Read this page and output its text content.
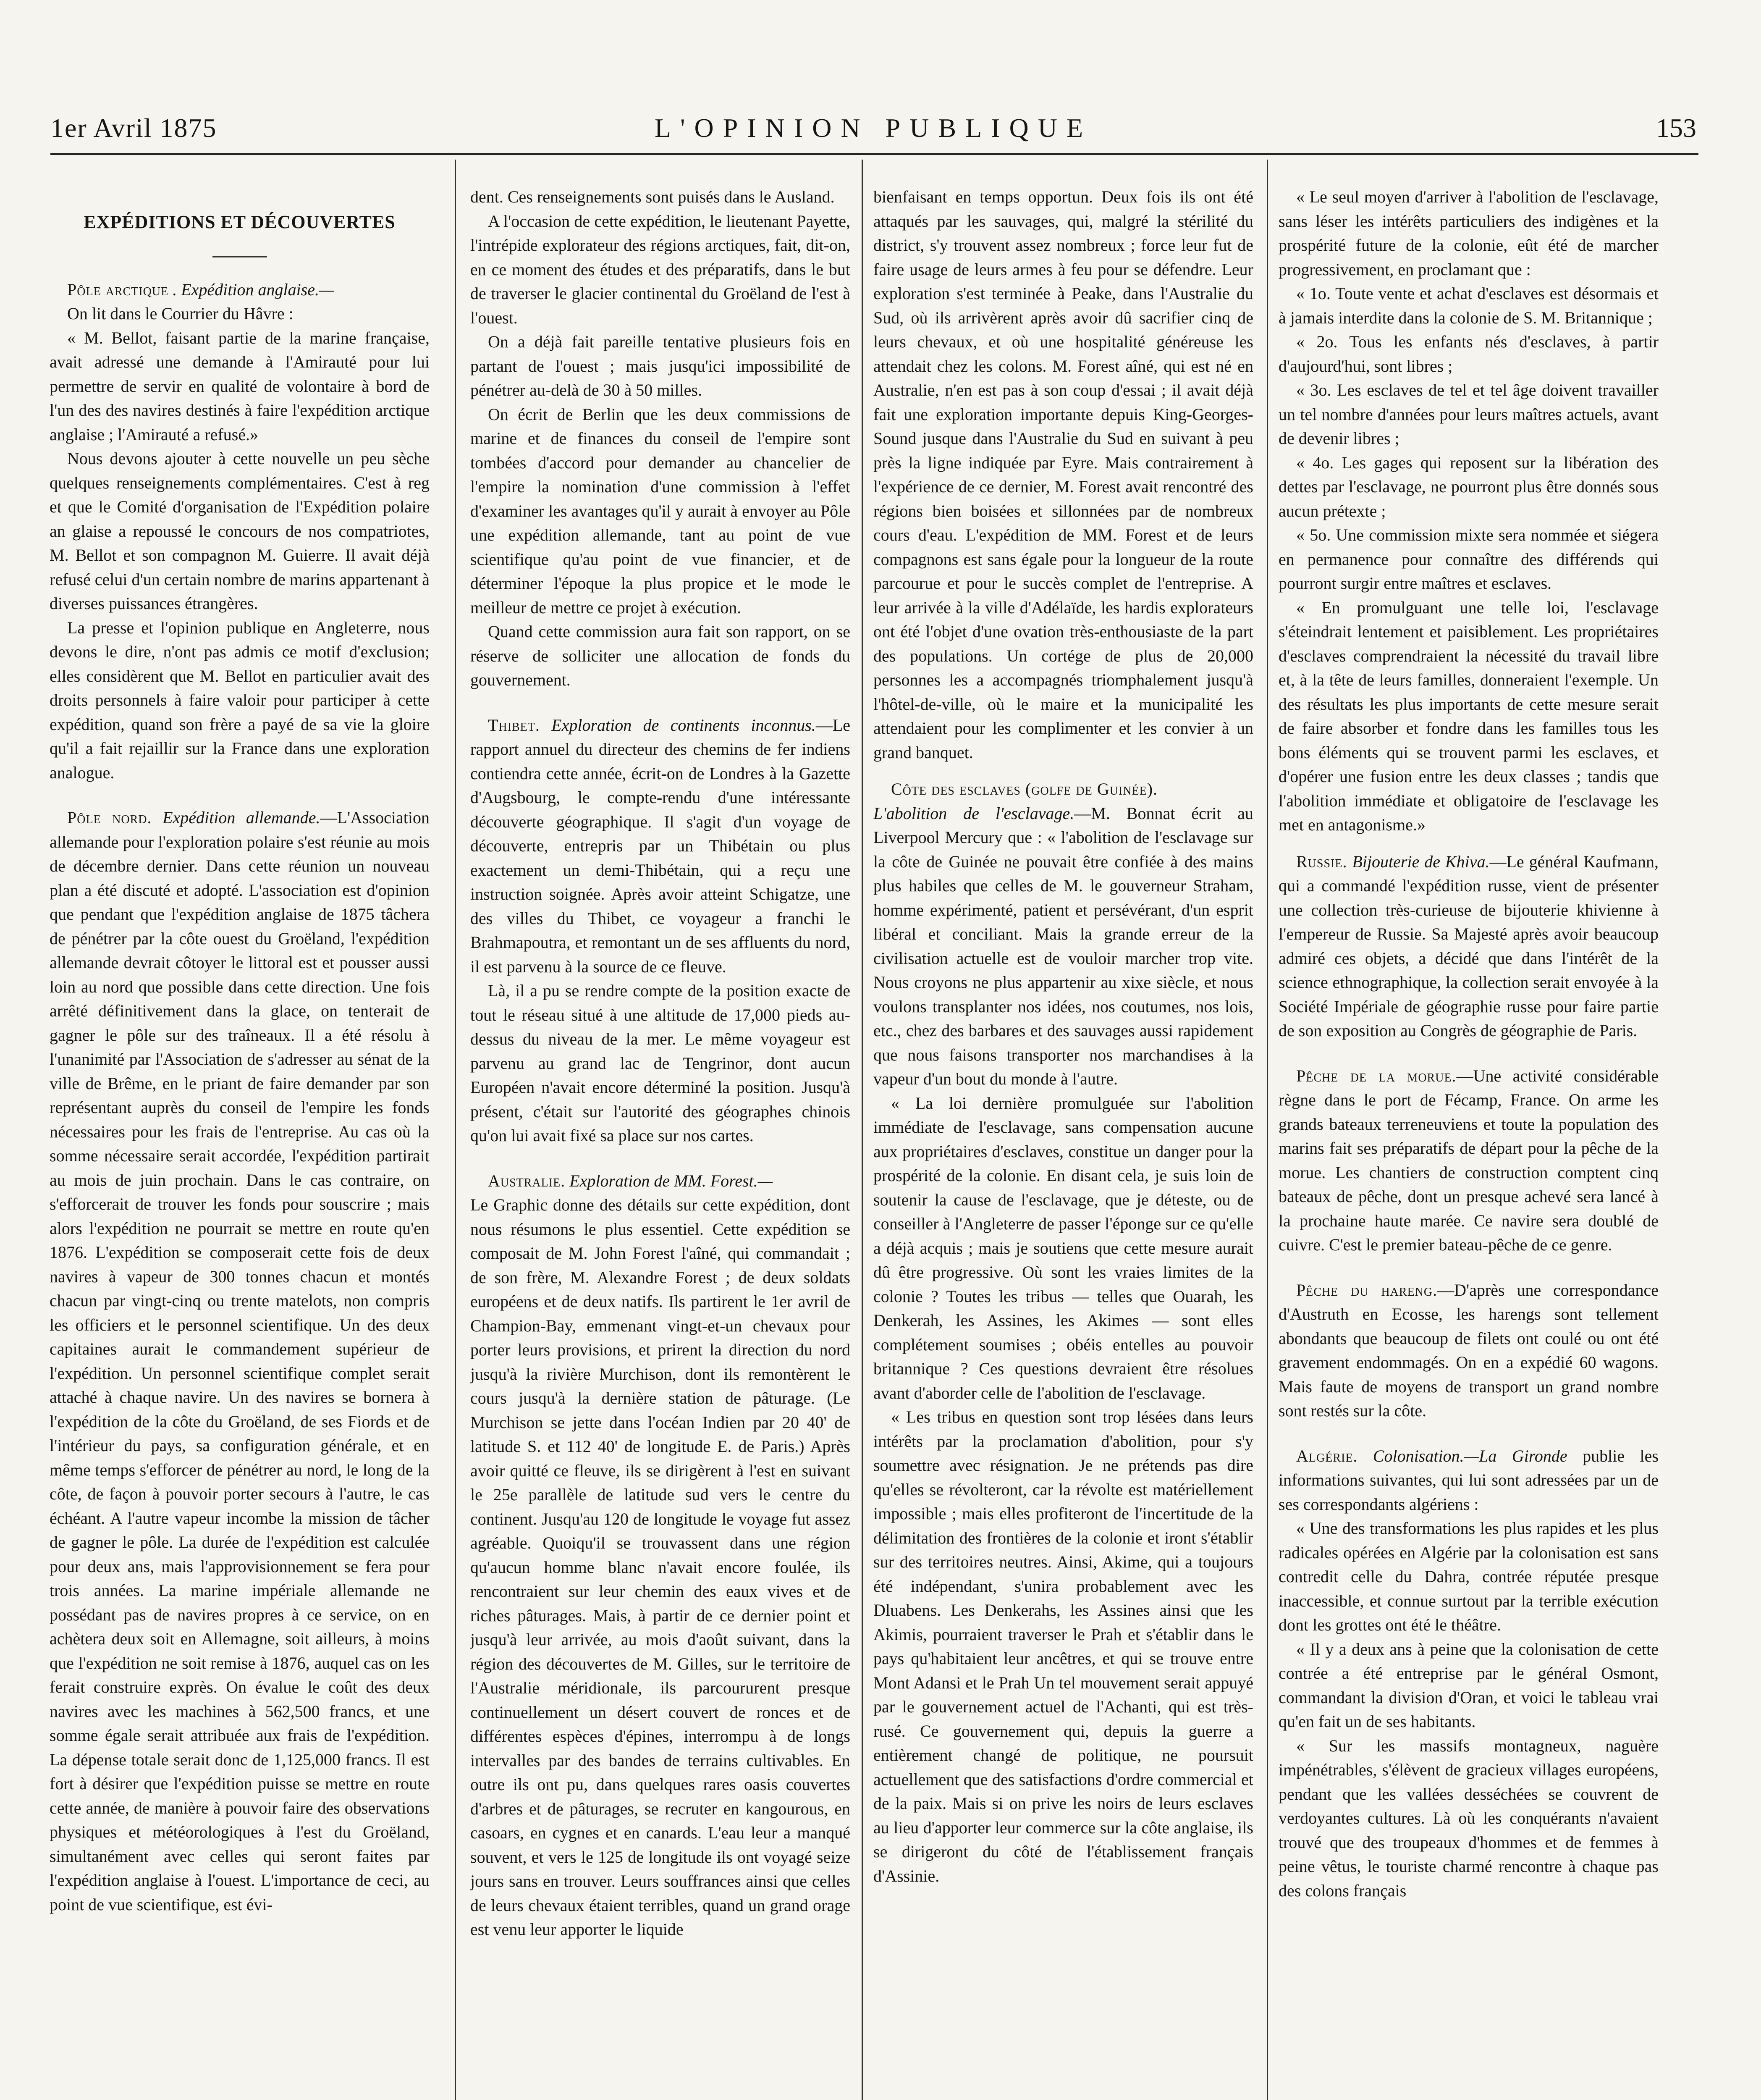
1er Avril 1875	L'OPINION PUBLIQUE	153
EXPÉDITIONS ET DÉCOUVERTES

Pôle arctique . Expédition anglaise.—

On lit dans le Courrier du Hâvre :

« M. Bellot, faisant partie de la marine française, avait adressé une demande à l'Amirauté pour lui permettre de servir en qualité de volontaire à bord de l'un des des navires destinés à faire l'expédition arctique anglaise ; l'Amirauté a refusé.»

Nous devons ajouter à cette nouvelle un peu sèche quelques renseignements complémentaires. C'est à reg et que le Comité d'organisation de l'Expédition polaire an glaise a repoussé le concours de nos compatriotes, M. Bellot et son compagnon M. Guierre. Il avait déjà refusé celui d'un certain nombre de marins appartenant à diverses puissances étrangères.

La presse et l'opinion publique en Angleterre, nous devons le dire, n'ont pas admis ce motif d'exclusion; elles considèrent que M. Bellot en particulier avait des droits personnels à faire valoir pour participer à cette expédition, quand son frère a payé de sa vie la gloire qu'il a fait rejaillir sur la France dans une exploration analogue.

Pôle nord. Expédition allemande.—L'Association allemande pour l'exploration polaire s'est réunie au mois de décembre dernier. Dans cette réunion un nouveau plan a été discuté et adopté. L'association est d'opinion que pendant que l'expédition anglaise de 1875 tâchera de pénétrer par la côte ouest du Groëland, l'expédition allemande devrait côtoyer le littoral est et pousser aussi loin au nord que possible dans cette direction. Une fois arrêté définitivement dans la glace, on tenterait de gagner le pôle sur des traîneaux. Il a été résolu à l'unanimité par l'Association de s'adresser au sénat de la ville de Brême, en le priant de faire demander par son représentant auprès du conseil de l'empire les fonds nécessaires pour les frais de l'entreprise. Au cas où la somme nécessaire serait accordée, l'expédition partirait au mois de juin prochain. Dans le cas contraire, on s'efforcerait de trouver les fonds pour souscrire ; mais alors l'expédition ne pourrait se mettre en route qu'en 1876. L'expédition se composerait cette fois de deux navires à vapeur de 300 tonnes chacun et montés chacun par vingt-cinq ou trente matelots, non compris les officiers et le personnel scientifique. Un des deux capitaines aurait le commandement supérieur de l'expédition. Un personnel scientifique complet serait attaché à chaque navire. Un des navires se bornera à l'expédition de la côte du Groëland, de ses Fiords et de l'intérieur du pays, sa configuration générale, et en même temps s'efforcer de pénétrer au nord, le long de la côte, de façon à pouvoir porter secours à l'autre, le cas échéant. A l'autre vapeur incombe la mission de tâcher de gagner le pôle. La durée de l'expédition est calculée pour deux ans, mais l'approvisionnement se fera pour trois années. La marine impériale allemande ne possédant pas de navires propres à ce service, on en achètera deux soit en Allemagne, soit ailleurs, à moins que l'expédition ne soit remise à 1876, auquel cas on les ferait construire exprès. On évalue le coût des deux navires avec les machines à 562,500 francs, et une somme égale serait attribuée aux frais de l'expédition. La dépense totale serait donc de 1,125,000 francs. Il est fort à désirer que l'expédition puisse se mettre en route cette année, de manière à pouvoir faire des observations physiques et météorologiques à l'est du Groëland, simultanément avec celles qui seront faites par l'expédition anglaise à l'ouest. L'importance de ceci, au point de vue scientifique, est évi-

dent. Ces renseignements sont puisés dans le Ausland.

A l'occasion de cette expédition, le lieutenant Payette, l'intrépide explorateur des régions arctiques, fait, dit-on, en ce moment des études et des préparatifs, dans le but de traverser le glacier continental du Groëland de l'est à l'ouest.

On a déjà fait pareille tentative plusieurs fois en partant de l'ouest ; mais jusqu'ici impossibilité de pénétrer au-delà de 30 à 50 milles.

On écrit de Berlin que les deux commissions de marine et de finances du conseil de l'empire sont tombées d'accord pour demander au chancelier de l'empire la nomination d'une commission à l'effet d'examiner les avantages qu'il y aurait à envoyer au Pôle une expédition allemande, tant au point de vue scientifique qu'au point de vue financier, et de déterminer l'époque la plus propice et le mode le meilleur de mettre ce projet à exécution.

Quand cette commission aura fait son rapport, on se réserve de solliciter une allocation de fonds du gouvernement.

Thibet. Exploration de continents inconnus.—Le rapport annuel du directeur des chemins de fer indiens contiendra cette année, écrit-on de Londres à la Gazette d'Augsbourg, le compte-rendu d'une intéressante découverte géographique. Il s'agit d'un voyage de découverte, entrepris par un Thibétain ou plus exactement un demi-Thibétain, qui a reçu une instruction soignée. Après avoir atteint Schigatze, une des villes du Thibet, ce voyageur a franchi le Brahmapoutra, et remontant un de ses affluents du nord, il est parvenu à la source de ce fleuve.

Là, il a pu se rendre compte de la position exacte de tout le réseau situé à une altitude de 17,000 pieds au-dessus du niveau de la mer. Le même voyageur est parvenu au grand lac de Tengrinor, dont aucun Européen n'avait encore déterminé la position. Jusqu'à présent, c'était sur l'autorité des géographes chinois qu'on lui avait fixé sa place sur nos cartes.

Australie. Exploration de MM. Forest.—

Le Graphic donne des détails sur cette expédition, dont nous résumons le plus essentiel. Cette expédition se composait de M. John Forest l'aîné, qui commandait ; de son frère, M. Alexandre Forest ; de deux soldats européens et de deux natifs. Ils partirent le 1er avril de Champion-Bay, emmenant vingt-et-un chevaux pour porter leurs provisions, et prirent la direction du nord jusqu'à la rivière Murchison, dont ils remontèrent le cours jusqu'à la dernière station de pâturage. (Le Murchison se jette dans l'océan Indien par 20 40' de latitude S. et 112 40' de longitude E. de Paris.) Après avoir quitté ce fleuve, ils se dirigèrent à l'est en suivant le 25e parallèle de latitude sud vers le centre du continent. Jusqu'au 120 de longitude le voyage fut assez agréable. Quoiqu'il se trouvassent dans une région qu'aucun homme blanc n'avait encore foulée, ils rencontraient sur leur chemin des eaux vives et de riches pâturages. Mais, à partir de ce dernier point et jusqu'à leur arrivée, au mois d'août suivant, dans la région des découvertes de M. Gilles, sur le territoire de l'Australie méridionale, ils parcoururent presque continuellement un désert couvert de ronces et de différentes espèces d'épines, interrompu à de longs intervalles par des bandes de terrains cultivables. En outre ils ont pu, dans quelques rares oasis couvertes d'arbres et de pâturages, se recruter en kangourous, en casoars, en cygnes et en canards. L'eau leur a manqué souvent, et vers le 125 de longitude ils ont voyagé seize jours sans en trouver. Leurs souffrances ainsi que celles de leurs chevaux étaient terribles, quand un grand orage est venu leur apporter le liquide

bienfaisant en temps opportun. Deux fois ils ont été attaqués par les sauvages, qui, malgré la stérilité du district, s'y trouvent assez nombreux ; force leur fut de faire usage de leurs armes à feu pour se défendre. Leur exploration s'est terminée à Peake, dans l'Australie du Sud, où ils arrivèrent après avoir dû sacrifier cinq de leurs chevaux, et où une hospitalité généreuse les attendait chez les colons. M. Forest aîné, qui est né en Australie, n'en est pas à son coup d'essai ; il avait déjà fait une exploration importante depuis King-Georges-Sound jusque dans l'Australie du Sud en suivant à peu près la ligne indiquée par Eyre. Mais contrairement à l'expérience de ce dernier, M. Forest avait rencontré des régions bien boisées et sillonnées par de nombreux cours d'eau. L'expédition de MM. Forest et de leurs compagnons est sans égale pour la longueur de la route parcourue et pour le succès complet de l'entreprise. A leur arrivée à la ville d'Adélaïde, les hardis explorateurs ont été l'objet d'une ovation très-enthousiaste de la part des populations. Un cortége de plus de 20,000 personnes les a accompagnés triomphalement jusqu'à l'hôtel-de-ville, où le maire et la municipalité les attendaient pour les complimenter et les convier à un grand banquet.

Côte des esclaves (golfe de Guinée).

L'abolition de l'esclavage.—M. Bonnat écrit au Liverpool Mercury que : « l'abolition de l'esclavage sur la côte de Guinée ne pouvait être confiée à des mains plus habiles que celles de M. le gouverneur Straham, homme expérimenté, patient et persévérant, d'un esprit libéral et conciliant. Mais la grande erreur de la civilisation actuelle est de vouloir marcher trop vite. Nous croyons ne plus appartenir au xixe siècle, et nous voulons transplanter nos idées, nos coutumes, nos lois, etc., chez des barbares et des sauvages aussi rapidement que nous faisons transporter nos marchandises à la vapeur d'un bout du monde à l'autre.

« La loi dernière promulguée sur l'abolition immédiate de l'esclavage, sans compensation aucune aux propriétaires d'esclaves, constitue un danger pour la prospérité de la colonie. En disant cela, je suis loin de soutenir la cause de l'esclavage, que je déteste, ou de conseiller à l'Angleterre de passer l'éponge sur ce qu'elle a déjà acquis ; mais je soutiens que cette mesure aurait dû être progressive. Où sont les vraies limites de la colonie ? Toutes les tribus — telles que Ouarah, les Denkerah, les Assines, les Akimes — sont elles complétement soumises ; obéis entelles au pouvoir britannique ? Ces questions devraient être résolues avant d'aborder celle de l'abolition de l'esclavage.

« Les tribus en question sont trop lésées dans leurs intérêts par la proclamation d'abolition, pour s'y soumettre avec résignation. Je ne prétends pas dire qu'elles se révolteront, car la révolte est matériellement impossible ; mais elles profiteront de l'incertitude de la délimitation des frontières de la colonie et iront s'établir sur des territoires neutres. Ainsi, Akime, qui a toujours été indépendant, s'unira probablement avec les Dluabens. Les Denkerahs, les Assines ainsi que les Akimis, pourraient traverser le Prah et s'établir dans le pays qu'habitaient leur ancêtres, et qui se trouve entre Mont Adansi et le Prah Un tel mouvement serait appuyé par le gouvernement actuel de l'Achanti, qui est très-rusé. Ce gouvernement qui, depuis la guerre a entièrement changé de politique, ne poursuit actuellement que des satisfactions d'ordre commercial et de la paix. Mais si on prive les noirs de leurs esclaves au lieu d'apporter leur commerce sur la côte anglaise, ils se dirigeront du côté de l'établissement français d'Assinie.

« Le seul moyen d'arriver à l'abolition de l'esclavage, sans léser les intérêts particuliers des indigènes et la prospérité future de la colonie, eût été de marcher progressivement, en proclamant que :

« 1o. Toute vente et achat d'esclaves est désormais et à jamais interdite dans la colonie de S. M. Britannique ;

« 2o. Tous les enfants nés d'esclaves, à partir d'aujourd'hui, sont libres ;

« 3o. Les esclaves de tel et tel âge doivent travailler un tel nombre d'années pour leurs maîtres actuels, avant de devenir libres ;

« 4o. Les gages qui reposent sur la libération des dettes par l'esclavage, ne pourront plus être donnés sous aucun prétexte ;

« 5o. Une commission mixte sera nommée et siégera en permanence pour connaître des différends qui pourront surgir entre maîtres et esclaves.

« En promulguant une telle loi, l'esclavage s'éteindrait lentement et paisiblement. Les propriétaires d'esclaves comprendraient la nécessité du travail libre et, à la tête de leurs familles, donneraient l'exemple. Un des résultats les plus importants de cette mesure serait de faire absorber et fondre dans les familles tous les bons éléments qui se trouvent parmi les esclaves, et d'opérer une fusion entre les deux classes ; tandis que l'abolition immédiate et obligatoire de l'esclavage les met en antagonisme.»

Russie. Bijouterie de Khiva.—Le général Kaufmann, qui a commandé l'expédition russe, vient de présenter une collection très-curieuse de bijouterie khivienne à l'empereur de Russie. Sa Majesté après avoir beaucoup admiré ces objets, a décidé que dans l'intérêt de la science ethnographique, la collection serait envoyée à la Société Impériale de géographie russe pour faire partie de son exposition au Congrès de géographie de Paris.

Pêche de la morue.—Une activité considérable règne dans le port de Fécamp, France. On arme les grands bateaux terreneuviens et toute la population des marins fait ses préparatifs de départ pour la pêche de la morue. Les chantiers de construction comptent cinq bateaux de pêche, dont un presque achevé sera lancé à la prochaine haute marée. Ce navire sera doublé de cuivre. C'est le premier bateau-pêche de ce genre.

Pêche du hareng.—D'après une correspondance d'Austruth en Ecosse, les harengs sont tellement abondants que beaucoup de filets ont coulé ou ont été gravement endommagés. On en a expédié 60 wagons. Mais faute de moyens de transport un grand nombre sont restés sur la côte.

Algérie. Colonisation.—La Gironde publie les informations suivantes, qui lui sont adressées par un de ses correspondants algériens :

« Une des transformations les plus rapides et les plus radicales opérées en Algérie par la colonisation est sans contredit celle du Dahra, contrée réputée presque inaccessible, et connue surtout par la terrible exécution dont les grottes ont été le théâtre.

« Il y a deux ans à peine que la colonisation de cette contrée a été entreprise par le général Osmont, commandant la division d'Oran, et voici le tableau vrai qu'en fait un de ses habitants.

« Sur les massifs montagneux, naguère impénétrables, s'élèvent de gracieux villages européens, pendant que les vallées desséchées se couvrent de verdoyantes cultures. Là où les conquérants n'avaient trouvé que des troupeaux d'hommes et de femmes à peine vêtus, le touriste charmé rencontre à chaque pas des colons français
